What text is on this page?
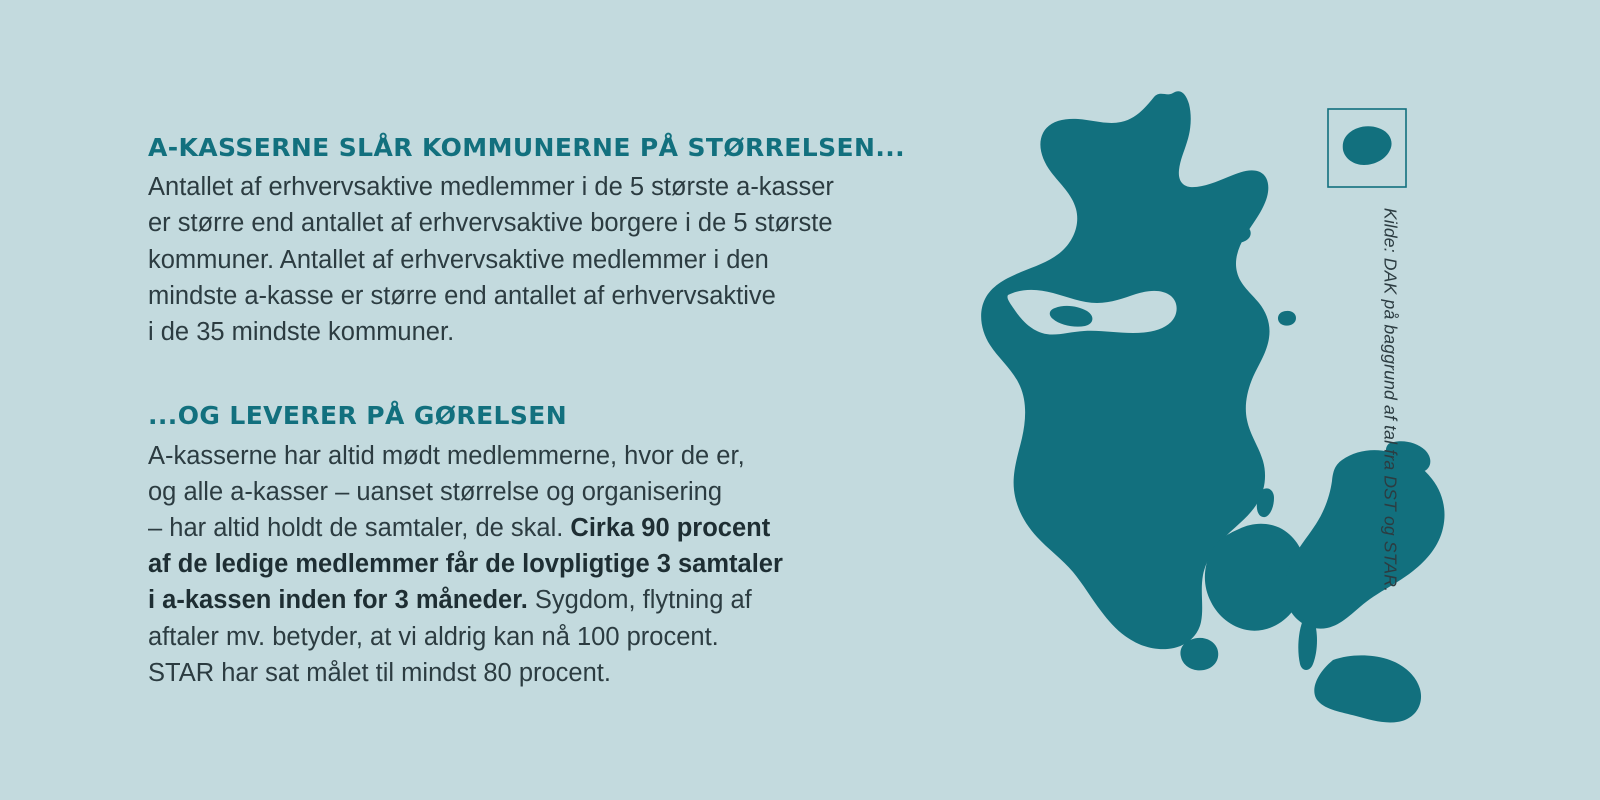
A-KASSERNE SLÅR KOMMUNERNE PÅ STØRRELSEN...

Antallet af erhvervsaktive medlemmer i de 5 største a-kasser
er større end antallet af erhvervsaktive borgere i de 5 største
kommuner. Antallet af erhvervsaktive medlemmer i den
mindste a-kasse er større end antallet af erhvervsaktive
i de 35 mindste kommuner.

...OG LEVERER PÅ GØRELSEN

A-kasserne har altid mødt medlemmerne, hvor de er,
og alle a-kasser – uanset størrelse og organisering
– har altid holdt de samtaler, de skal. Cirka 90 procent
af de ledige medlemmer får de lovpligtige 3 samtaler
i a-kassen inden for 3 måneder. Sygdom, flytning af
aftaler mv. betyder, at vi aldrig kan nå 100 procent.
STAR har sat målet til mindst 80 procent.

Kilde: DAK på baggrund af tal fra DST og STAR.
